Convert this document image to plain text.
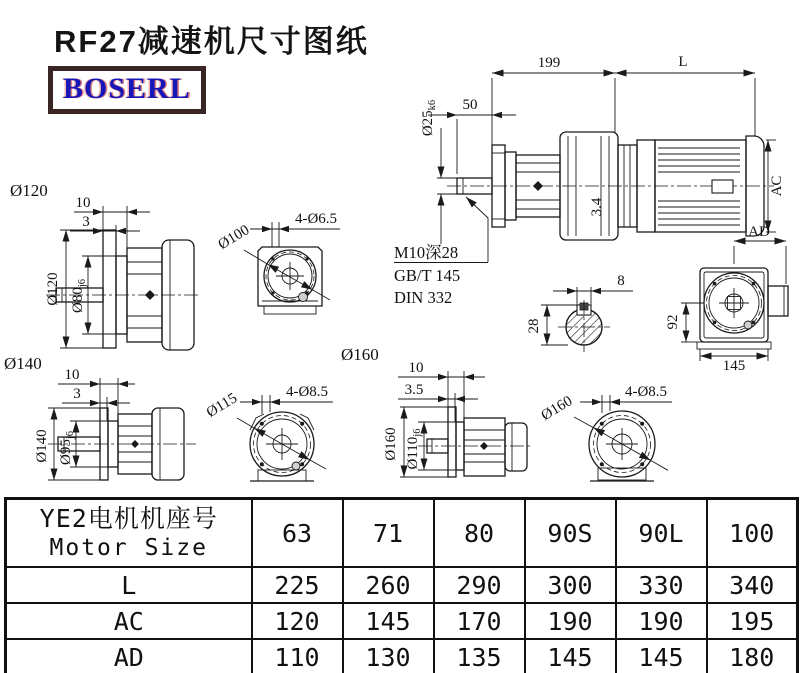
RF27减速机尺寸图纸
BOSERL
Ø120
10
3
Ø120 $Ø80_{j6}$
4-Ø6.5
Ø100
3.4
199	L
50
$Ø25_{k6}$
AC
M10深28
GB/T 145
DIN 332
8
28
AD
92
145
Ø140
10
3
Ø140 $Ø95_{j6}$
4-Ø8.5
Ø115
Ø160
10
3.5
Ø160 $Ø110_{j6}$
4-Ø8.5
Ø160
YE2电机机座号
Motor Size	63	71	80	90S	90L	100
L	225	260	290	300	330	340
AC	120	145	170	190	190	195
AD	110	130	135	145	145	180
